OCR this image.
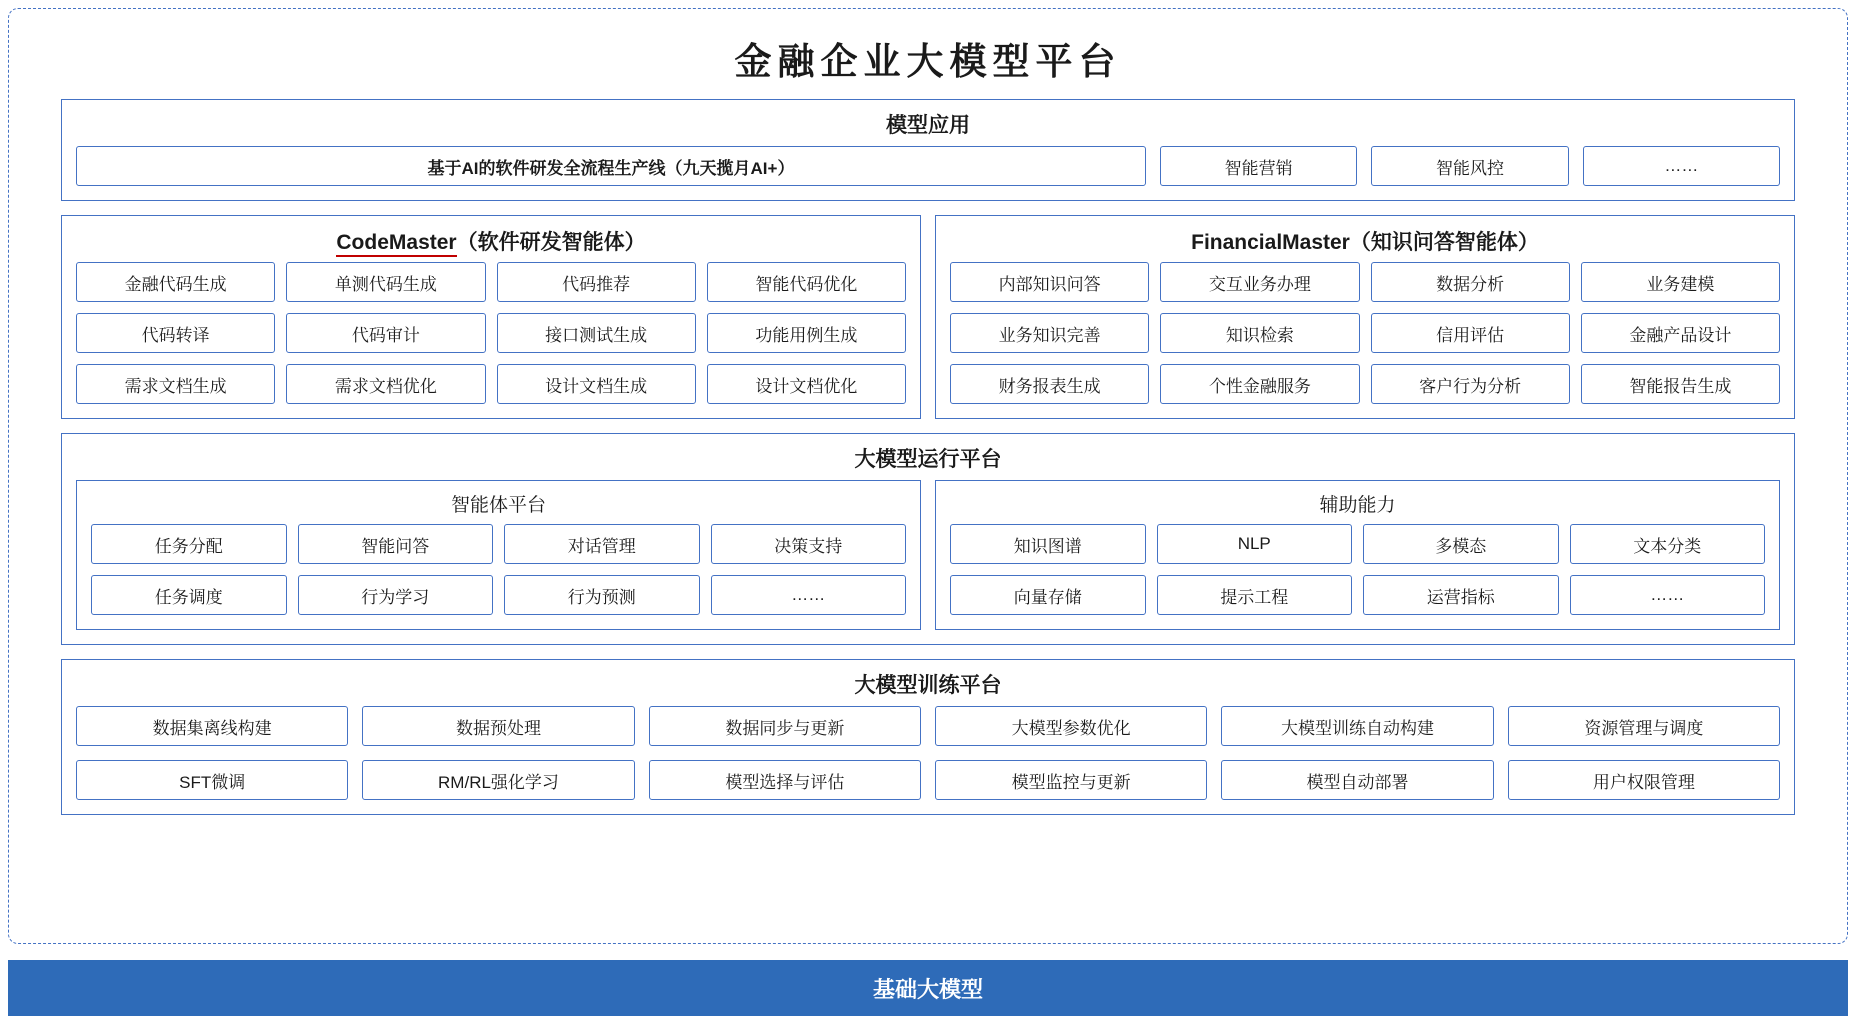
金融企业大模型平台
模型应用
基于AI的软件研发全流程生产线（九天揽月AI+）	智能营销	智能风控	……
CodeMaster（软件研发智能体）
金融代码生成	单测代码生成	代码推荐	智能代码优化
代码转译	代码审计	接口测试生成	功能用例生成
需求文档生成	需求文档优化	设计文档生成	设计文档优化
FinancialMaster（知识问答智能体）
内部知识问答	交互业务办理	数据分析	业务建模
业务知识完善	知识检索	信用评估	金融产品设计
财务报表生成	个性金融服务	客户行为分析	智能报告生成
大模型运行平台
智能体平台
任务分配	智能问答	对话管理	决策支持
任务调度	行为学习	行为预测	……
辅助能力
知识图谱	NLP	多模态	文本分类
向量存储	提示工程	运营指标	……
大模型训练平台
数据集离线构建	数据预处理	数据同步与更新	大模型参数优化	大模型训练自动构建	资源管理与调度
SFT微调	RM/RL强化学习	模型选择与评估	模型监控与更新	模型自动部署	用户权限管理
基础大模型
